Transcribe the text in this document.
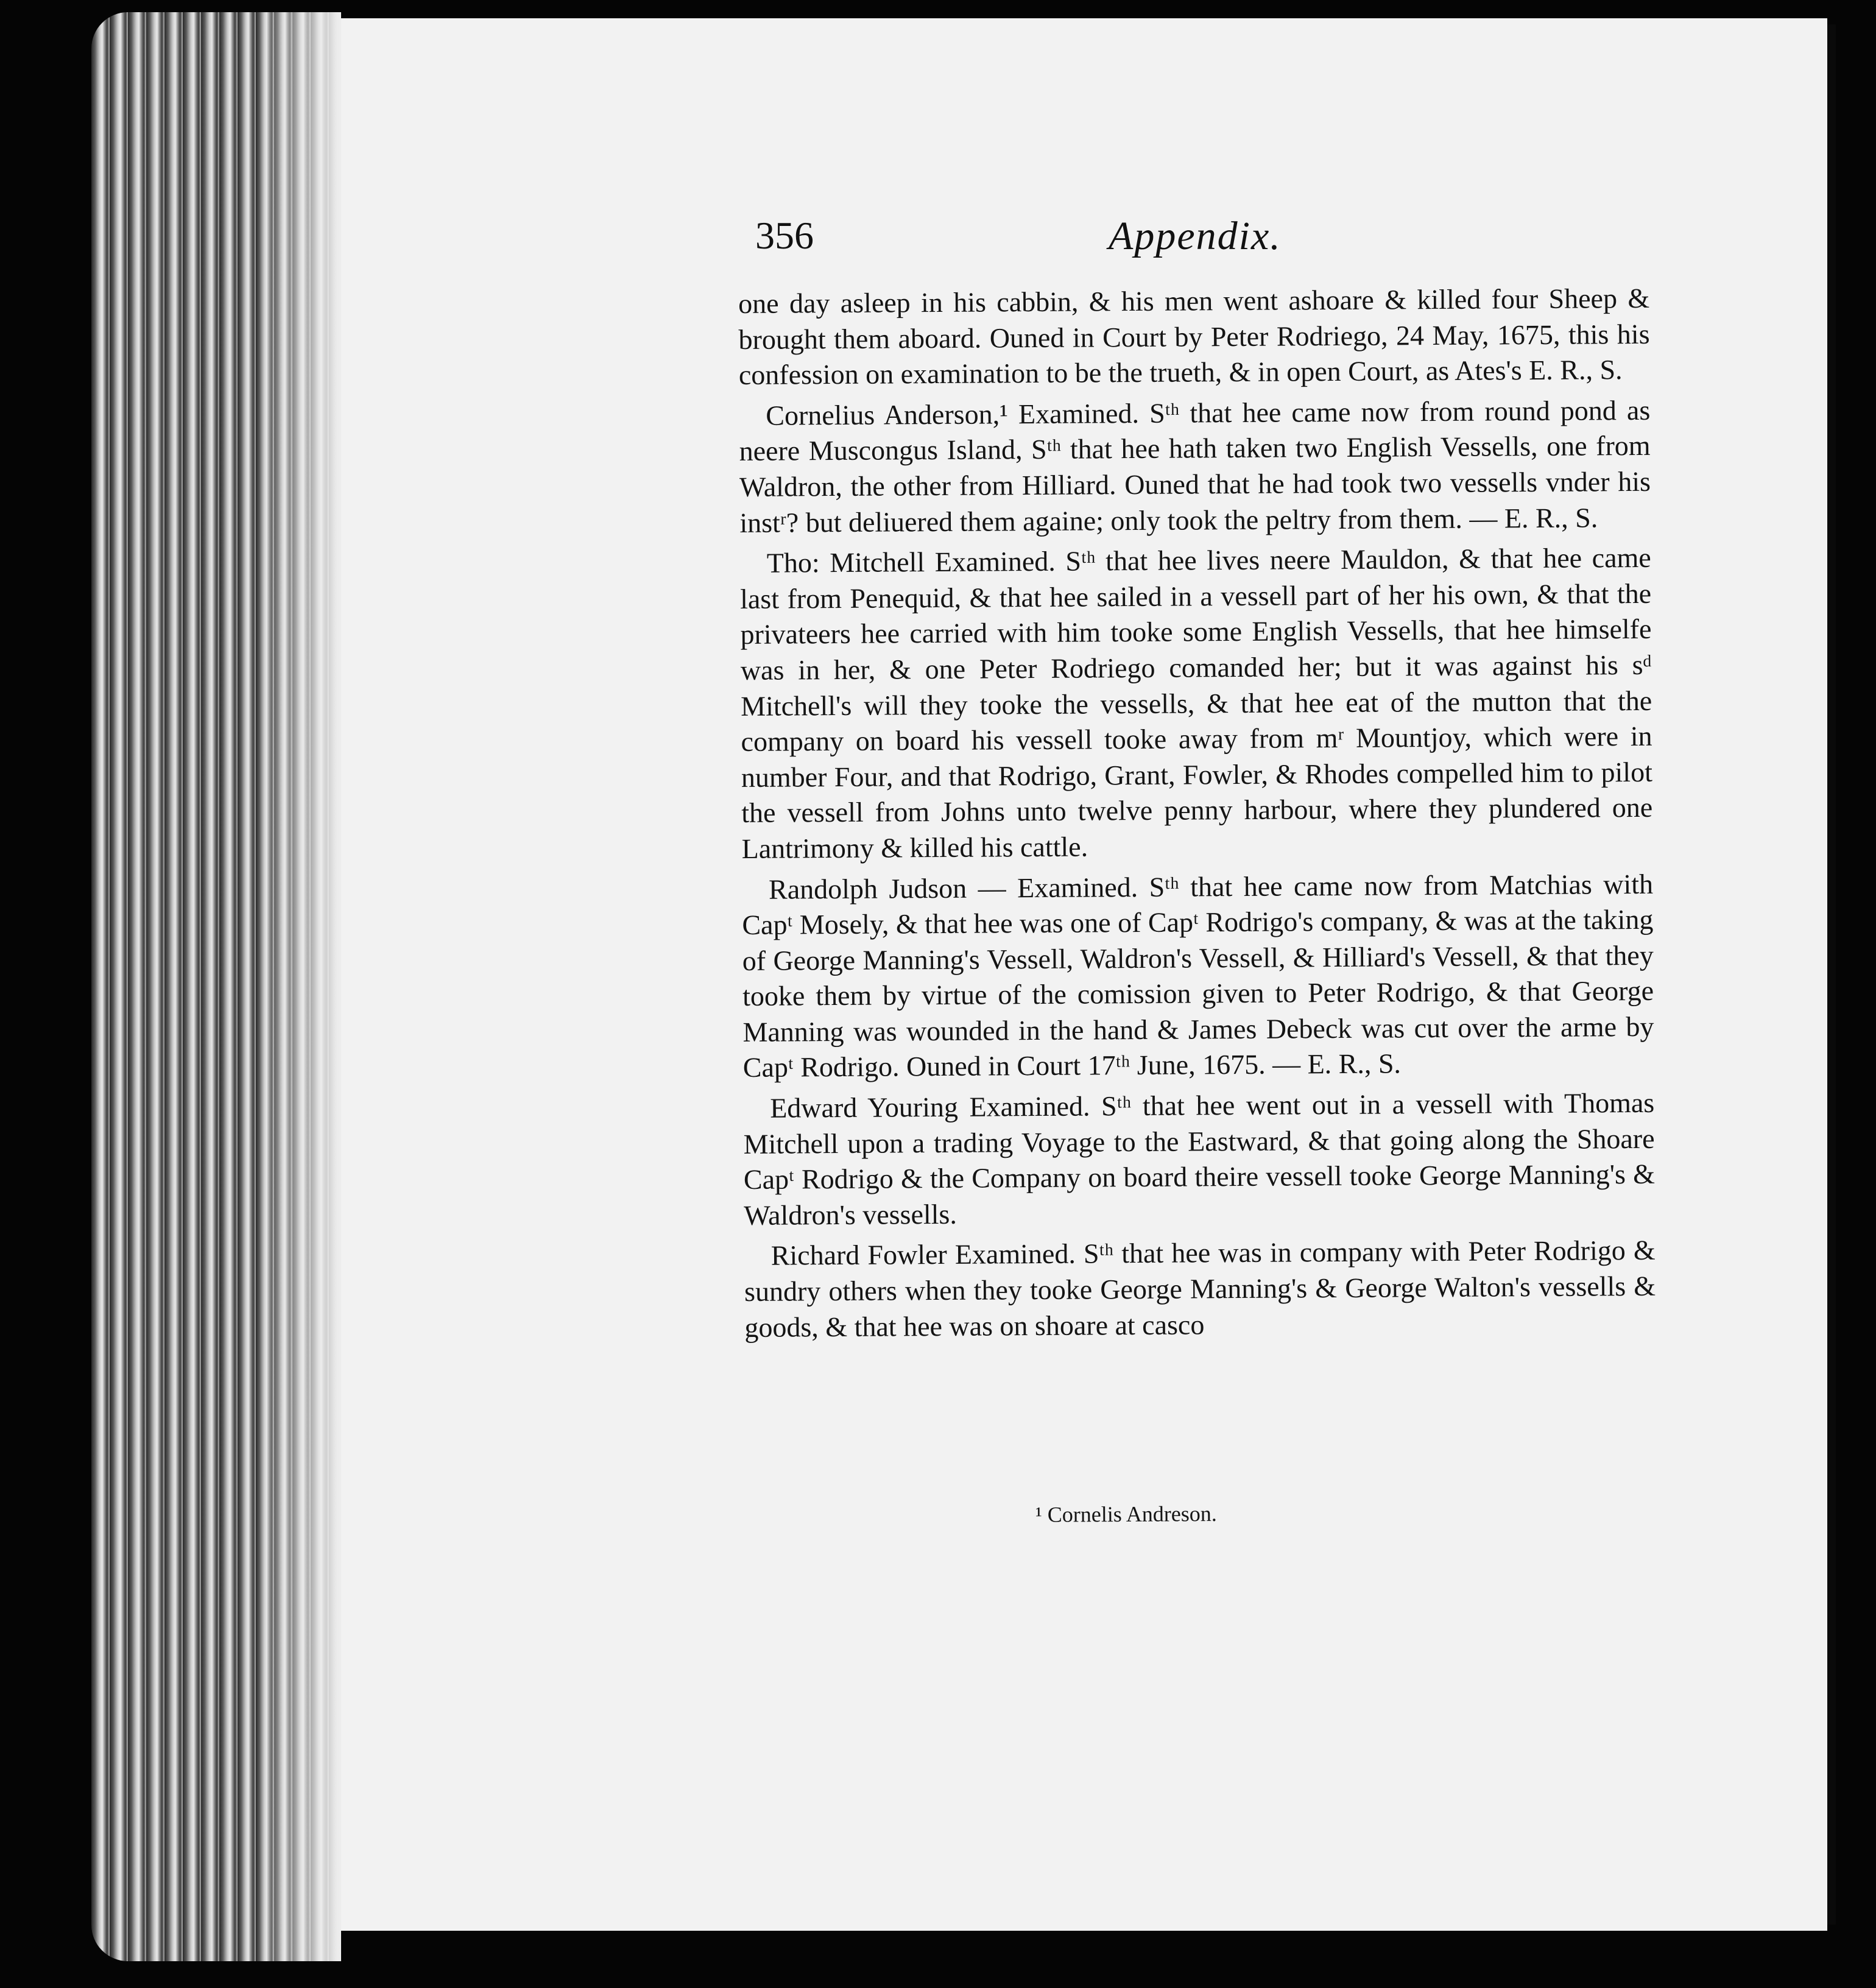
356	Appendix.

one day asleep in his cabbin, & his men went ashoare & killed four Sheep & brought them aboard. Ouned in Court by Peter Rodriego, 24 May, 1675, this his confession on examination to be the trueth, & in open Court, as Ates's E. R., S.

Cornelius Anderson,¹ Examined. Sᵗʰ that hee came now from round pond as neere Muscongus Island, Sᵗʰ that hee hath taken two English Vessells, one from Waldron, the other from Hilliard. Ouned that he had took two vessells vnder his instʳ? but deliuered them againe; only took the peltry from them. — E. R., S.

Tho: Mitchell Examined. Sᵗʰ that hee lives neere Mauldon, & that hee came last from Penequid, & that hee sailed in a vessell part of her his own, & that the privateers hee carried with him tooke some English Vessells, that hee himselfe was in her, & one Peter Rodriego comanded her; but it was against his sᵈ Mitchell's will they tooke the vessells, & that hee eat of the mutton that the company on board his vessell tooke away from mʳ Mountjoy, which were in number Four, and that Rodrigo, Grant, Fowler, & Rhodes compelled him to pilot the vessell from Johns unto twelve penny harbour, where they plundered one Lantrimony & killed his cattle.

Randolph Judson — Examined. Sᵗʰ that hee came now from Matchias with Capᵗ Mosely, & that hee was one of Capᵗ Rodrigo's company, & was at the taking of George Manning's Vessell, Waldron's Vessell, & Hilliard's Vessell, & that they tooke them by virtue of the comission given to Peter Rodrigo, & that George Manning was wounded in the hand & James Debeck was cut over the arme by Capᵗ Rodrigo. Ouned in Court 17ᵗʰ June, 1675. — E. R., S.

Edward Youring Examined. Sᵗʰ that hee went out in a vessell with Thomas Mitchell upon a trading Voyage to the Eastward, & that going along the Shoare Capᵗ Rodrigo & the Company on board theire vessell tooke George Manning's & Waldron's vessells.

Richard Fowler Examined. Sᵗʰ that hee was in company with Peter Rodrigo & sundry others when they tooke George Manning's & George Walton's vessells & goods, & that hee was on shoare at casco

¹ Cornelis Andreson.
